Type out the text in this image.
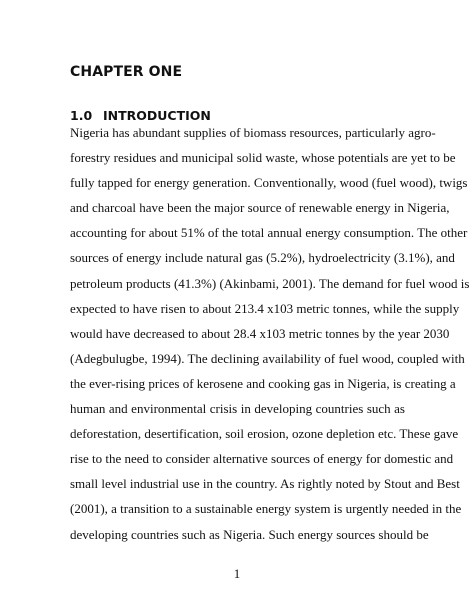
CHAPTER ONE
1.0 INTRODUCTION
Nigeria has abundant supplies of biomass resources, particularly agro-
forestry residues and municipal solid waste, whose potentials are yet to be
fully tapped for energy generation. Conventionally, wood (fuel wood), twigs
and charcoal have been the major source of renewable energy in Nigeria,
accounting for about 51% of the total annual energy consumption. The other
sources of energy include natural gas (5.2%), hydroelectricity (3.1%), and
petroleum products (41.3%) (Akinbami, 2001). The demand for fuel wood is
expected to have risen to about 213.4 x103 metric tonnes, while the supply
would have decreased to about 28.4 x103 metric tonnes by the year 2030
(Adegbulugbe, 1994). The declining availability of fuel wood, coupled with
the ever-rising prices of kerosene and cooking gas in Nigeria, is creating a
human and environmental crisis in developing countries such as
deforestation, desertification, soil erosion, ozone depletion etc. These gave
rise to the need to consider alternative sources of energy for domestic and
small level industrial use in the country. As rightly noted by Stout and Best
(2001), a transition to a sustainable energy system is urgently needed in the
developing countries such as Nigeria. Such energy sources should be
1
